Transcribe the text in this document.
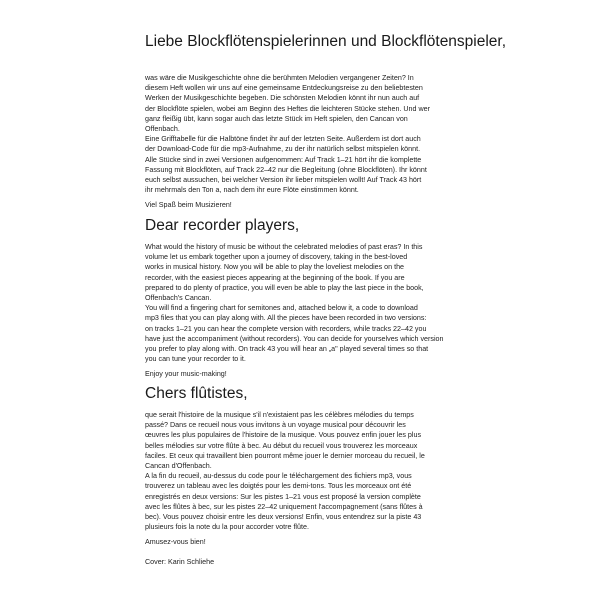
Liebe Blockflötenspielerinnen und Blockflötenspieler,
was wäre die Musikgeschichte ohne die berühmten Melodien vergangener Zeiten? In
diesem Heft wollen wir uns auf eine gemeinsame Entdeckungsreise zu den beliebtesten
Werken der Musikgeschichte begeben. Die schönsten Melodien könnt ihr nun auch auf
der Blockflöte spielen, wobei am Beginn des Heftes die leichteren Stücke stehen. Und wer
ganz fleißig übt, kann sogar auch das letzte Stück im Heft spielen, den Cancan von
Offenbach.
Eine Grifftabelle für die Halbtöne findet ihr auf der letzten Seite. Außerdem ist dort auch
der Download-Code für die mp3-Aufnahme, zu der ihr natürlich selbst mitspielen könnt.
Alle Stücke sind in zwei Versionen aufgenommen: Auf Track 1–21 hört ihr die komplette
Fassung mit Blockflöten, auf Track 22–42 nur die Begleitung (ohne Blockflöten). Ihr könnt
euch selbst aussuchen, bei welcher Version ihr lieber mitspielen wollt! Auf Track 43 hört
ihr mehrmals den Ton a, nach dem ihr eure Flöte einstimmen könnt.

Viel Spaß beim Musizieren!

Dear recorder players,
What would the history of music be without the celebrated melodies of past eras? In this
volume let us embark together upon a journey of discovery, taking in the best-loved
works in musical history. Now you will be able to play the loveliest melodies on the
recorder, with the easiest pieces appearing at the beginning of the book. If you are
prepared to do plenty of practice, you will even be able to play the last piece in the book,
Offenbach's Cancan.
You will find a fingering chart for semitones and, attached below it, a code to download
mp3 files that you can play along with. All the pieces have been recorded in two versions:
on tracks 1–21 you can hear the complete version with recorders, while tracks 22–42 you
have just the accompaniment (without recorders). You can decide for yourselves which version
you prefer to play along with. On track 43 you will hear an „a" played several times so that
you can tune your recorder to it.

Enjoy your music-making!

Chers flûtistes,
que serait l'histoire de la musique s'il n'existaient pas les célèbres mélodies du temps
passé? Dans ce recueil nous vous invitons à un voyage musical pour découvrir les
œuvres les plus populaires de l'histoire de la musique. Vous pouvez enfin jouer les plus
belles mélodies sur votre flûte à bec. Au début du recueil vous trouverez les morceaux
faciles. Et ceux qui travaillent bien pourront même jouer le dernier morceau du recueil, le
Cancan d'Offenbach.
A la fin du recueil, au-dessus du code pour le téléchargement des fichiers mp3, vous
trouverez un tableau avec les doigtés pour les demi-tons. Tous les morceaux ont été
enregistrés en deux versions: Sur les pistes 1–21 vous est proposé la version complète
avec les flûtes à bec, sur les pistes 22–42 uniquement l'accompagnement (sans flûtes à
bec). Vous pouvez choisir entre les deux versions! Enfin, vous entendrez sur la piste 43
plusieurs fois la note du la pour accorder votre flûte.

Amusez-vous bien!

Cover: Karin Schliehe
